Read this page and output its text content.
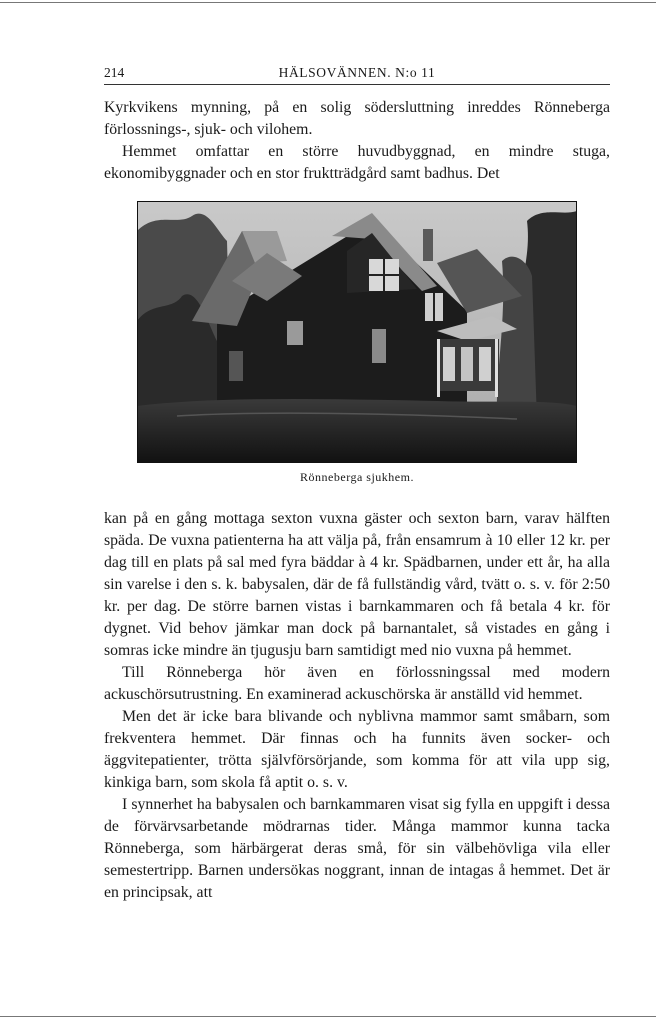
214	HÄLSOVÄNNEN. N:o 11

Kyrkvikens mynning, på en solig södersluttning inreddes Rönneberga förlossnings-, sjuk- och vilohem.

Hemmet omfattar en större huvudbyggnad, en mindre stuga, ekonomibyggnader och en stor fruktträdgård samt badhus. Det

Rönneberga sjukhem.

kan på en gång mottaga sexton vuxna gäster och sexton barn, varav hälften späda. De vuxna patienterna ha att välja på, från ensamrum à 10 eller 12 kr. per dag till en plats på sal med fyra bäddar à 4 kr. Spädbarnen, under ett år, ha alla sin varelse i den s. k. babysalen, där de få fullständig vård, tvätt o. s. v. för 2:50 kr. per dag. De större barnen vistas i barnkammaren och få betala 4 kr. för dygnet. Vid behov jämkar man dock på barnantalet, så vistades en gång i somras icke mindre än tjugusju barn samtidigt med nio vuxna på hemmet.

Till Rönneberga hör även en förlossningssal med modern ackuschörsutrustning. En examinerad ackuschörska är anställd vid hemmet.

Men det är icke bara blivande och nyblivna mammor samt småbarn, som frekventera hemmet. Där finnas och ha funnits även socker- och äggvitepatienter, trötta självförsörjande, som komma för att vila upp sig, kinkiga barn, som skola få aptit o. s. v.

I synnerhet ha babysalen och barnkammaren visat sig fylla en uppgift i dessa de förvärvsarbetande mödrarnas tider. Många mammor kunna tacka Rönneberga, som härbärgerat deras små, för sin välbehövliga vila eller semestertripp. Barnen undersökas noggrant, innan de intagas å hemmet. Det är en principsak, att
